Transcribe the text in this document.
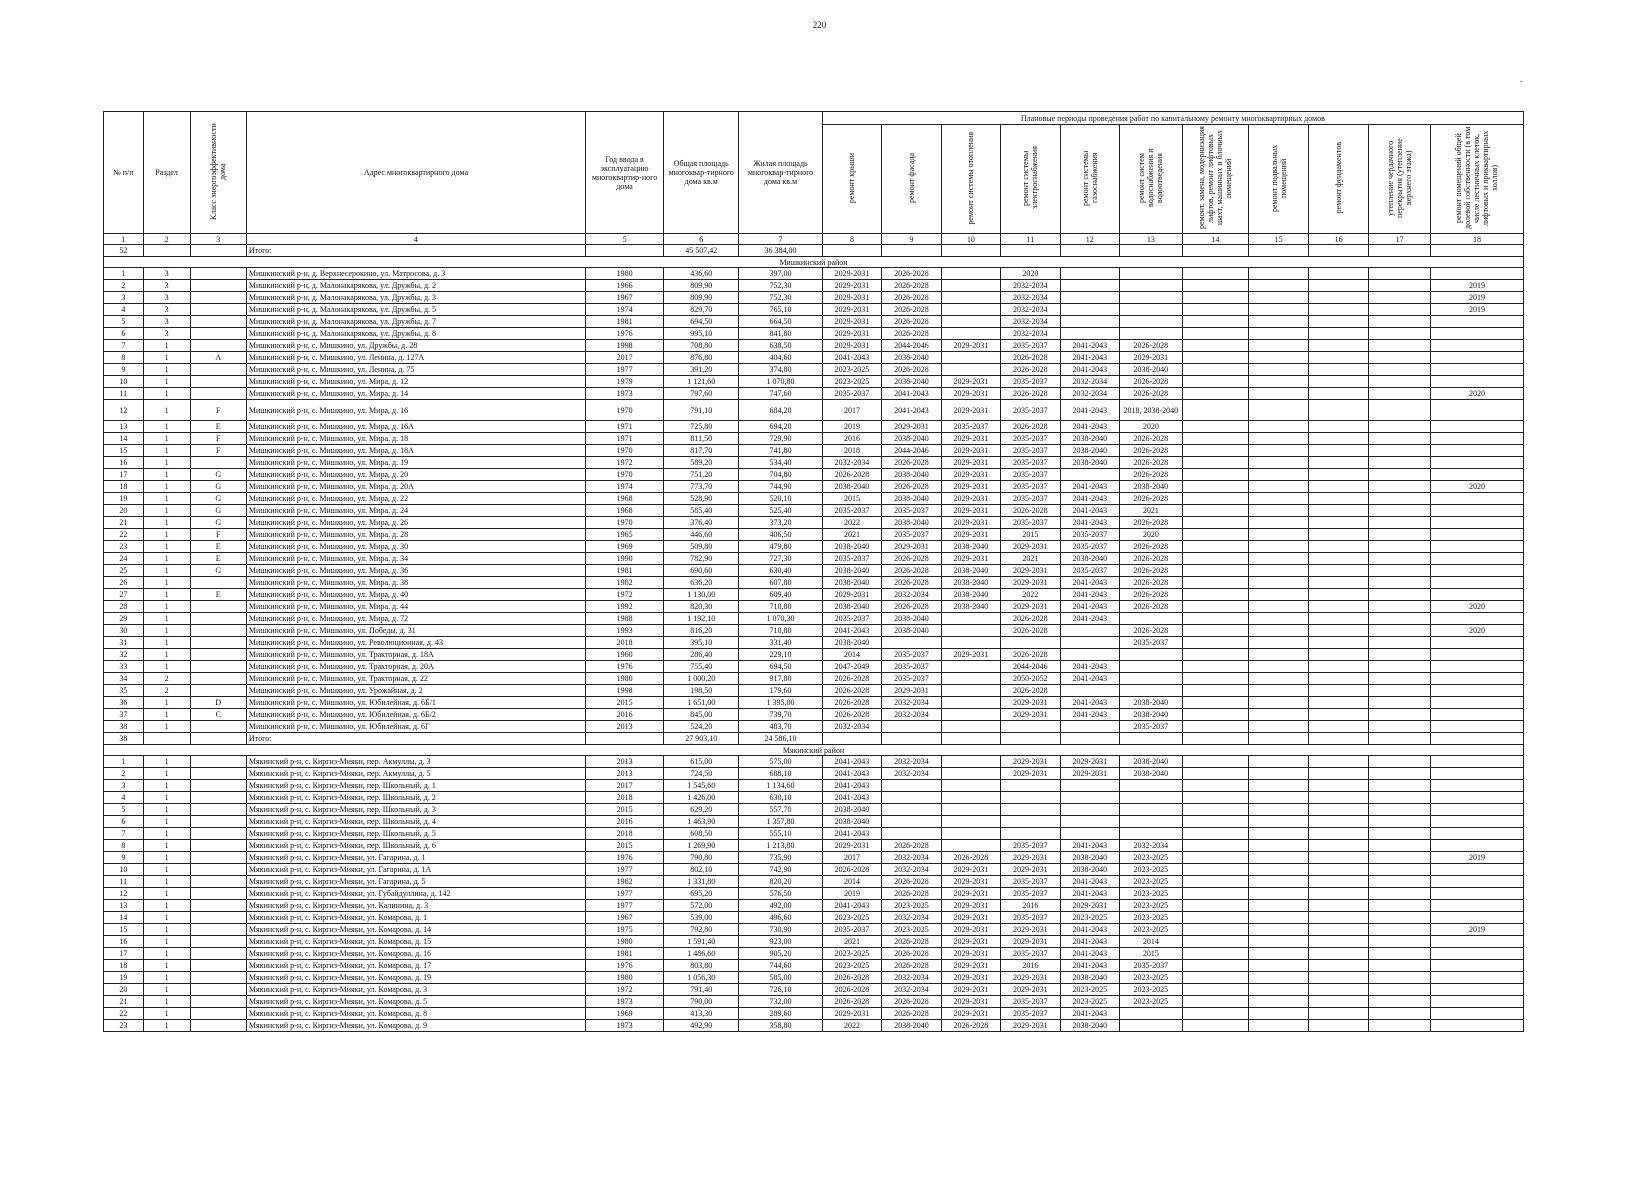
220
.
№ п/п	Раздел	Класс энергоэффективности дома	Адрес многоквартирного дома	Год ввода в эксплуатацию многоквартир-ного дома	Общая площадь многоквар-тирного дома кв.м	Жилая площадь многоквар-тирного дома кв.м	Плановые периоды проведения работ по капитальному ремонту многоквартирных домов										
							ремонт крыши	ремонт фасада	ремонт системы отопления	ремонт системы электроснабжения	ремонт системы газоснабжения	ремонт систем водоснабжения и водоотведения	ремонт, замена, модернизация лифтов, ремонт лифтовых шахт, машинных и блочных помещений	ремонт подвальных помещений	ремонт фундаментов	утепление чердачного перекрытия (утепление верхнего этажа)	ремонт помещений общей долевой собственности (в том числе лестничных клеток, лифтовых и приквартирных холлов)
1	2	3	4	5	6	7	8	9	10	11	12	13	14	15	16	17	18
52			Итого:		45 507,42	36 384,00											
Мишкинский район																	
1	3		Мишкинский р-н, д. Верхнесерокино, ул. Матросова, д. 3	1980	436,60	397,00	2029-2031	2026-2028		2020							
2	3		Мишкинский р-н, д. Малонакарякова, ул. Дружбы, д. 2	1966	809,90	752,30	2029-2031	2026-2028		2032-2034							2019
3	3		Мишкинский р-н, д. Малонакарякова, ул. Дружбы, д. 3	1967	809,90	752,30	2029-2031	2026-2028		2032-2034							2019
4	3		Мишкинский р-н, д. Малонакарякова, ул. Дружбы, д. 5	1974	829,70	765,10	2029-2031	2026-2028		2032-2034							2019
5	3		Мишкинский р-н, д. Малонакарякова, ул. Дружбы, д. 7	1981	694,50	664,50	2029-2031	2026-2028		2032-2034							
6	3		Мишкинский р-н, д. Малонакарякова, ул. Дружбы, д. 8	1976	995,10	841,80	2029-2031	2026-2028		2032-2034							
7	1		Мишкинский р-н, с. Мишкино, ул. Дружбы, д. 28	1998	708,80	638,50	2029-2031	2044-2046	2029-2031	2035-2037	2041-2043	2026-2028					
8	1	A	Мишкинский р-н, с. Мишкино, ул. Ленина, д. 127А	2017	876,80	404,60	2041-2043	2038-2040		2026-2028	2041-2043	2029-2031					
9	1		Мишкинский р-н, с. Мишкино, ул. Ленина, д. 75	1977	391,20	374,80	2023-2025	2026-2028		2026-2028	2041-2043	2038-2040					
10	1		Мишкинский р-н, с. Мишкино, ул. Мира, д. 12	1979	1 121,60	1 070,80	2023-2025	2038-2040	2029-2031	2035-2037	2032-2034	2026-2028					
11	1		Мишкинский р-н, с. Мишкино, ул. Мира, д. 14	1973	797,60	747,60	2035-2037	2041-2043	2029-2031	2026-2028	2032-2034	2026-2028					2020
12	1	F	Мишкинский р-н, с. Мишкино, ул. Мира, д. 16	1970	791,10	684,20	2017	2041-2043	2029-2031	2035-2037	2041-2043	2018, 2038-2040					
13	1	E	Мишкинский р-н, с. Мишкино, ул. Мира, д. 16А	1971	725,80	694,20	2019	2029-2031	2035-2037	2026-2028	2041-2043	2020					
14	1	F	Мишкинский р-н, с. Мишкино, ул. Мира, д. 18	1971	811,50	729,90	2016	2038-2040	2029-2031	2035-2037	2038-2040	2026-2028					
15	1	F	Мишкинский р-н, с. Мишкино, ул. Мира, д. 18А	1970	817,70	741,80	2018	2044-2046	2029-2031	2035-2037	2038-2040	2026-2028					
16	1		Мишкинский р-н, с. Мишкино, ул. Мира, д. 19	1972	589,20	534,40	2032-2034	2026-2028	2029-2031	2035-2037	2038-2040	2026-2028					
17	1	G	Мишкинский р-н, с. Мишкино, ул. Мира, д. 20	1970	751,20	704,80	2026-2028	2038-2040	2029-2031	2035-2037		2026-2028					
18	1	G	Мишкинский р-н, с. Мишкино, ул. Мира, д. 20А	1974	773,70	744,90	2038-2040	2026-2028	2029-2031	2035-2037	2041-2043	2038-2040					2020
19	1	G	Мишкинский р-н, с. Мишкино, ул. Мира, д. 22	1968	528,90	520,10	2015	2038-2040	2029-2031	2035-2037	2041-2043	2026-2028					
20	1	G	Мишкинский р-н, с. Мишкино, ул. Мира, д. 24	1968	585,40	525,40	2035-2037	2035-2037	2029-2031	2026-2028	2041-2043	2021					
21	1	G	Мишкинский р-н, с. Мишкино, ул. Мира, д. 26	1970	376,40	373,20	2022	2038-2040	2029-2031	2035-2037	2041-2043	2026-2028					
22	1	F	Мишкинский р-н, с. Мишкино, ул. Мира, д. 28	1965	446,60	406,50	2021	2035-2037	2029-2031	2015	2035-2037	2020					
23	1	E	Мишкинский р-н, с. Мишкино, ул. Мира, д. 30	1969	509,80	479,80	2038-2040	2029-2031	2038-2040	2029-2031	2035-2037	2026-2028					
24	1	E	Мишкинский р-н, с. Мишкино, ул. Мира, д. 34	1990	782,90	727,30	2035-2037	2026-2028	2029-2031	2021	2038-2040	2026-2028					
25	1	G	Мишкинский р-н, с. Мишкино, ул. Мира, д. 36	1981	690,60	630,40	2038-2040	2026-2028	2038-2040	2029-2031	2035-2037	2026-2028					
26	1		Мишкинский р-н, с. Мишкино, ул. Мира, д. 38	1982	636,20	607,80	2038-2040	2026-2028	2038-2040	2029-2031	2041-2043	2026-2028					
27	1	E	Мишкинский р-н, с. Мишкино, ул. Мира, д. 40	1972	1 130,00	609,40	2029-2031	2032-2034	2038-2040	2022	2041-2043	2026-2028					
28	1		Мишкинский р-н, с. Мишкино, ул. Мира, д. 44	1992	820,30	710,80	2038-2040	2026-2028	2038-2040	2029-2031	2041-2043	2026-2028					2020
29	1		Мишкинский р-н, с. Мишкино, ул. Мира, д. 72	1988	1 192,10	1 070,30	2035-2037	2038-2040		2026-2028	2041-2043						
30	1		Мишкинский р-н, с. Мишкино, ул. Победы, д. 31	1993	816,20	710,80	2041-2043	2038-2040		2026-2028		2026-2028					2020
31	1		Мишкинский р-н, с. Мишкино, ул. Революционная, д. 43	2018	395,10	331,40	2038-2040					2035-2037					
32	1		Мишкинский р-н, с. Мишкино, ул. Тракторная, д. 18А	1960	286,40	229,10	2014	2035-2037	2029-2031	2026-2028							
33	1		Мишкинский р-н, с. Мишкино, ул. Тракторная, д. 20А	1976	755,40	694,50	2047-2049	2035-2037		2044-2046	2041-2043						
34	2		Мишкинский р-н, с. Мишкино, ул. Тракторная, д. 22	1980	1 000,20	917,80	2026-2028	2035-2037		2050-2052	2041-2043						
35	2		Мишкинский р-н, с. Мишкино, ул. Урожайная, д. 2	1998	198,50	179,60	2026-2028	2029-2031		2026-2028							
36	1	D	Мишкинский р-н, с. Мишкино, ул. Юбилейная, д. 6Б/1	2015	1 651,00	1 395,00	2026-2028	2032-2034		2029-2031	2041-2043	2038-2040					
37	1	C	Мишкинский р-н, с. Мишкино, ул. Юбилейная, д. 6Б/2	2016	845,00	739,70	2026-2028	2032-2034		2029-2031	2041-2043	2038-2040					
38	1		Мишкинский р-н, с. Мишкино, ул. Юбилейная, д. 6Г	2013	524,20	483,70	2032-2034					2035-2037					
38			Итого:		27 903,10	24 586,10											
Мякинский район																	
1	1		Мякинский р-н, с. Киргиз-Мияки, пер. Акмуллы, д. 3	2013	615,00	575,00	2041-2043	2032-2034		2029-2031	2029-2031	2038-2040					
2	1		Мякинский р-н, с. Киргиз-Мияки, пер. Акмуллы, д. 5	2013	724,50	688,10	2041-2043	2032-2034		2029-2031	2029-2031	2038-2040					
3	1		Мякинский р-н, с. Киргиз-Мияки, пер. Школьный, д. 1	2017	1 545,60	1 134,60	2041-2043										
4	1		Мякинский р-н, с. Киргиз-Мияки, пер. Школьный, д. 2	2018	1 426,00	630,10	2041-2043										
5	1		Мякинский р-н, с. Киргиз-Мияки, пер. Школьный, д. 3	2015	629,20	557,70	2038-2040										
6	1		Мякинский р-н, с. Киргиз-Мияки, пер. Школьный, д. 4	2016	1 463,90	1 357,80	2038-2040										
7	1		Мякинский р-н, с. Киргиз-Мияки, пер. Школьный, д. 5	2018	608,50	555,10	2041-2043										
8	1		Мякинский р-н, с. Киргиз-Мияки, пер. Школьный, д. 6	2015	1 269,90	1 213,80	2029-2031	2026-2028		2035-2037	2041-2043	2032-2034					
9	1		Мякинский р-н, с. Киргиз-Мияки, ул. Гагарина, д. 1	1976	790,80	735,90	2017	2032-2034	2026-2028	2029-2031	2038-2040	2023-2025					2019
10	1		Мякинский р-н, с. Киргиз-Мияки, ул. Гагарина, д. 1А	1977	802,10	742,90	2026-2028	2032-2034	2029-2031	2029-2031	2038-2040	2023-2025					
11	1		Мякинский р-н, с. Киргиз-Мияки, ул. Гагарина, д. 5	1982	1 331,80	820,20	2014	2026-2028	2029-2031	2035-2037	2041-2043	2023-2025					
12	1		Мякинский р-н, с. Киргиз-Мияки, ул. Губайдуллина, д. 142	1977	695,20	576,50	2019	2026-2028	2029-2031	2035-2037	2041-2043	2023-2025					
13	1		Мякинский р-н, с. Киргиз-Мияки, ул. Калинина, д. 3	1977	572,00	492,00	2041-2043	2023-2025	2029-2031	2016	2029-2031	2023-2025					
14	1		Мякинский р-н, с. Киргиз-Мияки, ул. Комарова, д. 1	1967	539,00	496,60	2023-2025	2032-2034	2029-2031	2035-2037	2023-2025	2023-2025					
15	1		Мякинский р-н, с. Киргиз-Мияки, ул. Комарова, д. 14	1975	792,80	730,90	2035-2037	2023-2025	2029-2031	2029-2031	2041-2043	2023-2025					2019
16	1		Мякинский р-н, с. Киргиз-Мияки, ул. Комарова, д. 15	1980	1 591,40	923,00	2021	2026-2028	2029-2031	2029-2031	2041-2043	2014					
17	1		Мякинский р-н, с. Киргиз-Мияки, ул. Комарова, д. 16	1981	1 486,60	905,20	2023-2025	2026-2028	2029-2031	2035-2037	2041-2043	2015					
18	1		Мякинский р-н, с. Киргиз-Мияки, ул. Комарова, д. 17	1976	803,80	744,60	2023-2025	2026-2028	2029-2031	2016	2041-2043	2035-2037					
19	1		Мякинский р-н, с. Киргиз-Мияки, ул. Комарова, д. 19	1980	1 056,30	585,00	2026-2028	2032-2034	2029-2031	2029-2031	2038-2040	2023-2025					
20	1		Мякинский р-н, с. Киргиз-Мияки, ул. Комарова, д. 3	1972	791,40	726,10	2026-2028	2032-2034	2029-2031	2029-2031	2023-2025	2023-2025					
21	1		Мякинский р-н, с. Киргиз-Мияки, ул. Комарова, д. 5	1973	790,00	732,00	2026-2028	2026-2028	2029-2031	2035-2037	2023-2025	2023-2025					
22	1		Мякинский р-н, с. Киргиз-Мияки, ул. Комарова, д. 8	1969	413,30	289,60	2029-2031	2026-2028	2029-2031	2035-2037	2041-2043						
23	1		Мякинский р-н, с. Киргиз-Мияки, ул. Комарова, д. 9	1973	492,90	358,80	2022	2038-2040	2026-2028	2029-2031	2038-2040						
